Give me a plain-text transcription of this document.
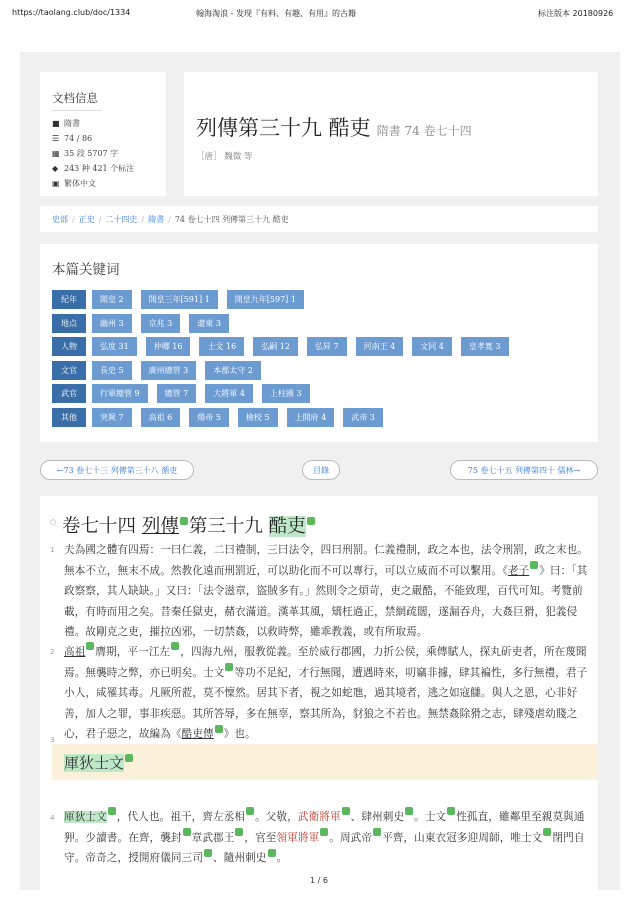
https://taolang.club/doc/1334	翰海淘浪 - 发现『有料、有趣、有用』的古籍	标注版本 20180926
文档信息
■ 隋書
☰ 74 / 86
▦ 35 段 5707 字
◆ 243 种 421 个标注
▣ 繁体中文
列傳第三十九 酷吏 隋書 74 卷七十四
［唐］ 魏徵 等
史部 / 正史 / 二十四史 / 隋書 / 74 卷七十四 列傳第三十九 酷吏
本篇关键词
紀年	開皇 2	開皇三年[591] 1	開皇九年[597] 1
地点	幽州 3	京兆 3	遼東 3
人物	弘度 31	仲卿 16	士文 16	弘嗣 12	弘昇 7	河南王 4	文同 4	皇孝寬 3
文官	長史 5	廣州總管 3	本郡太守 2
武官	行軍總管 9	總管 7	大將軍 4	上柱國 3
其他	突厥 7	高祖 6	煬帝 5	檢校 5	上開府 4	武帝 3
←73 卷七十三 列傳第三十八 循吏	目錄	75 卷七十五 列傳第四十 儒林→
○ 卷七十四 列傳 第三十九 酷吏
1 夫為國之體有四焉：一曰仁義，二曰禮制，三曰法令，四曰刑罰。仁義禮制，政之本也，法令刑罰，政之末也。無本不立，無末不成。然教化遠而刑罰近，可以助化而不可以專行，可以立威而不可以繫用。《老子 》曰：「其政察察，其人缺缺。」又曰：「法令滋章，盜賊多有。」然則令之煩苛，吏之嚴酷，不能致理，百代可知。考覽前載，有時而用之矣。昔秦任獄吏，赭衣滿道。漢革其風，矯枉過正，禁網疏闊，遂漏吞舟，大姦巨猾，犯義侵禮。故剛克之吏，摧拉凶邪，一切禁姦，以救時弊，雖乖教義，或有所取焉。
2 高祖 膺期，平一江左 ，四海九州，服教從義。至於威行郡國，力折公侯，乘傳賦人，探丸斫吏者，所在蔑聞焉。無襲時之弊，亦已明矣。士文 等功不足紀，才行無聞，遭遇時來，叨竊非據，肆其褊性，多行無禮，君子小人，咸罹其毒。凡厥所蒞，莫不懍然。居其下者，視之如蛇虺，過其境者，逃之如寇讎。與人之恩，心非好善，加人之罪，事非疾惡。其所答辱，多在無辜，察其所為，豺狼之不若也。無禁姦除猾之志，肆殘虐幼賤之心，君子惡之，故編為《酷吏傳 》也。
3
厙狄士文
4 厙狄士文 ，代人也。祖干，齊左丞相 。父敬，武衛將軍 、肆州刺史 。士文 性孤直，雖鄰里至親莫與通狎。少讀書。在齊，襲封 章武郡王 ，官至領軍將軍 。周武帝 平齊，山東衣冠多迎周師，唯士文 閉門自守。帝奇之，授開府儀同三司 、隨州刺史 。
1 / 6
